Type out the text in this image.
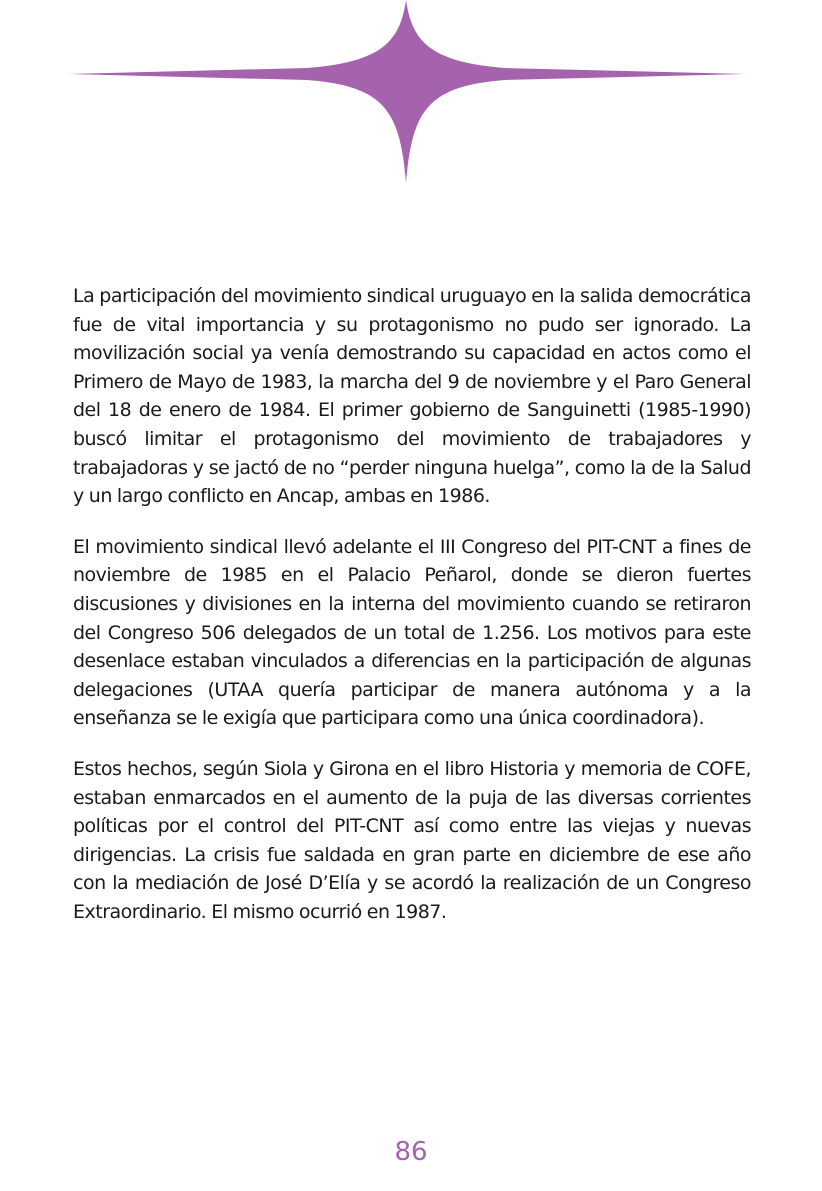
La participación del movimiento sindical uruguayo en la salida democrática fue de vital importancia y su protagonismo no pudo ser ignorado. La movilización social ya venía demostrando su capacidad en actos como el Primero de Mayo de 1983, la marcha del 9 de noviembre y el Paro General del 18 de enero de 1984. El primer gobierno de Sanguinetti (1985-1990) buscó limitar el protagonismo del movimiento de trabajadores y trabajadoras y se jactó de no “perder ninguna huelga”, como la de la Salud y un largo conflicto en Ancap, ambas en 1986.

El movimiento sindical llevó adelante el III Congreso del PIT-CNT a fines de noviembre de 1985 en el Palacio Peñarol, donde se dieron fuertes discusiones y divisiones en la interna del movimiento cuando se retiraron del Congreso 506 delegados de un total de 1.256. Los motivos para este desenlace estaban vinculados a diferencias en la participación de algunas delegaciones (UTAA quería participar de manera autónoma y a la enseñanza se le exigía que participara como una única coordinadora).

Estos hechos, según Siola y Girona en el libro Historia y memoria de COFE, estaban enmarcados en el aumento de la puja de las diversas corrientes políticas por el control del PIT-CNT así como entre las viejas y nuevas dirigencias. La crisis fue saldada en gran parte en diciembre de ese año con la mediación de José D’Elía y se acordó la realización de un Congreso Extraordinario. El mismo ocurrió en 1987.

86
